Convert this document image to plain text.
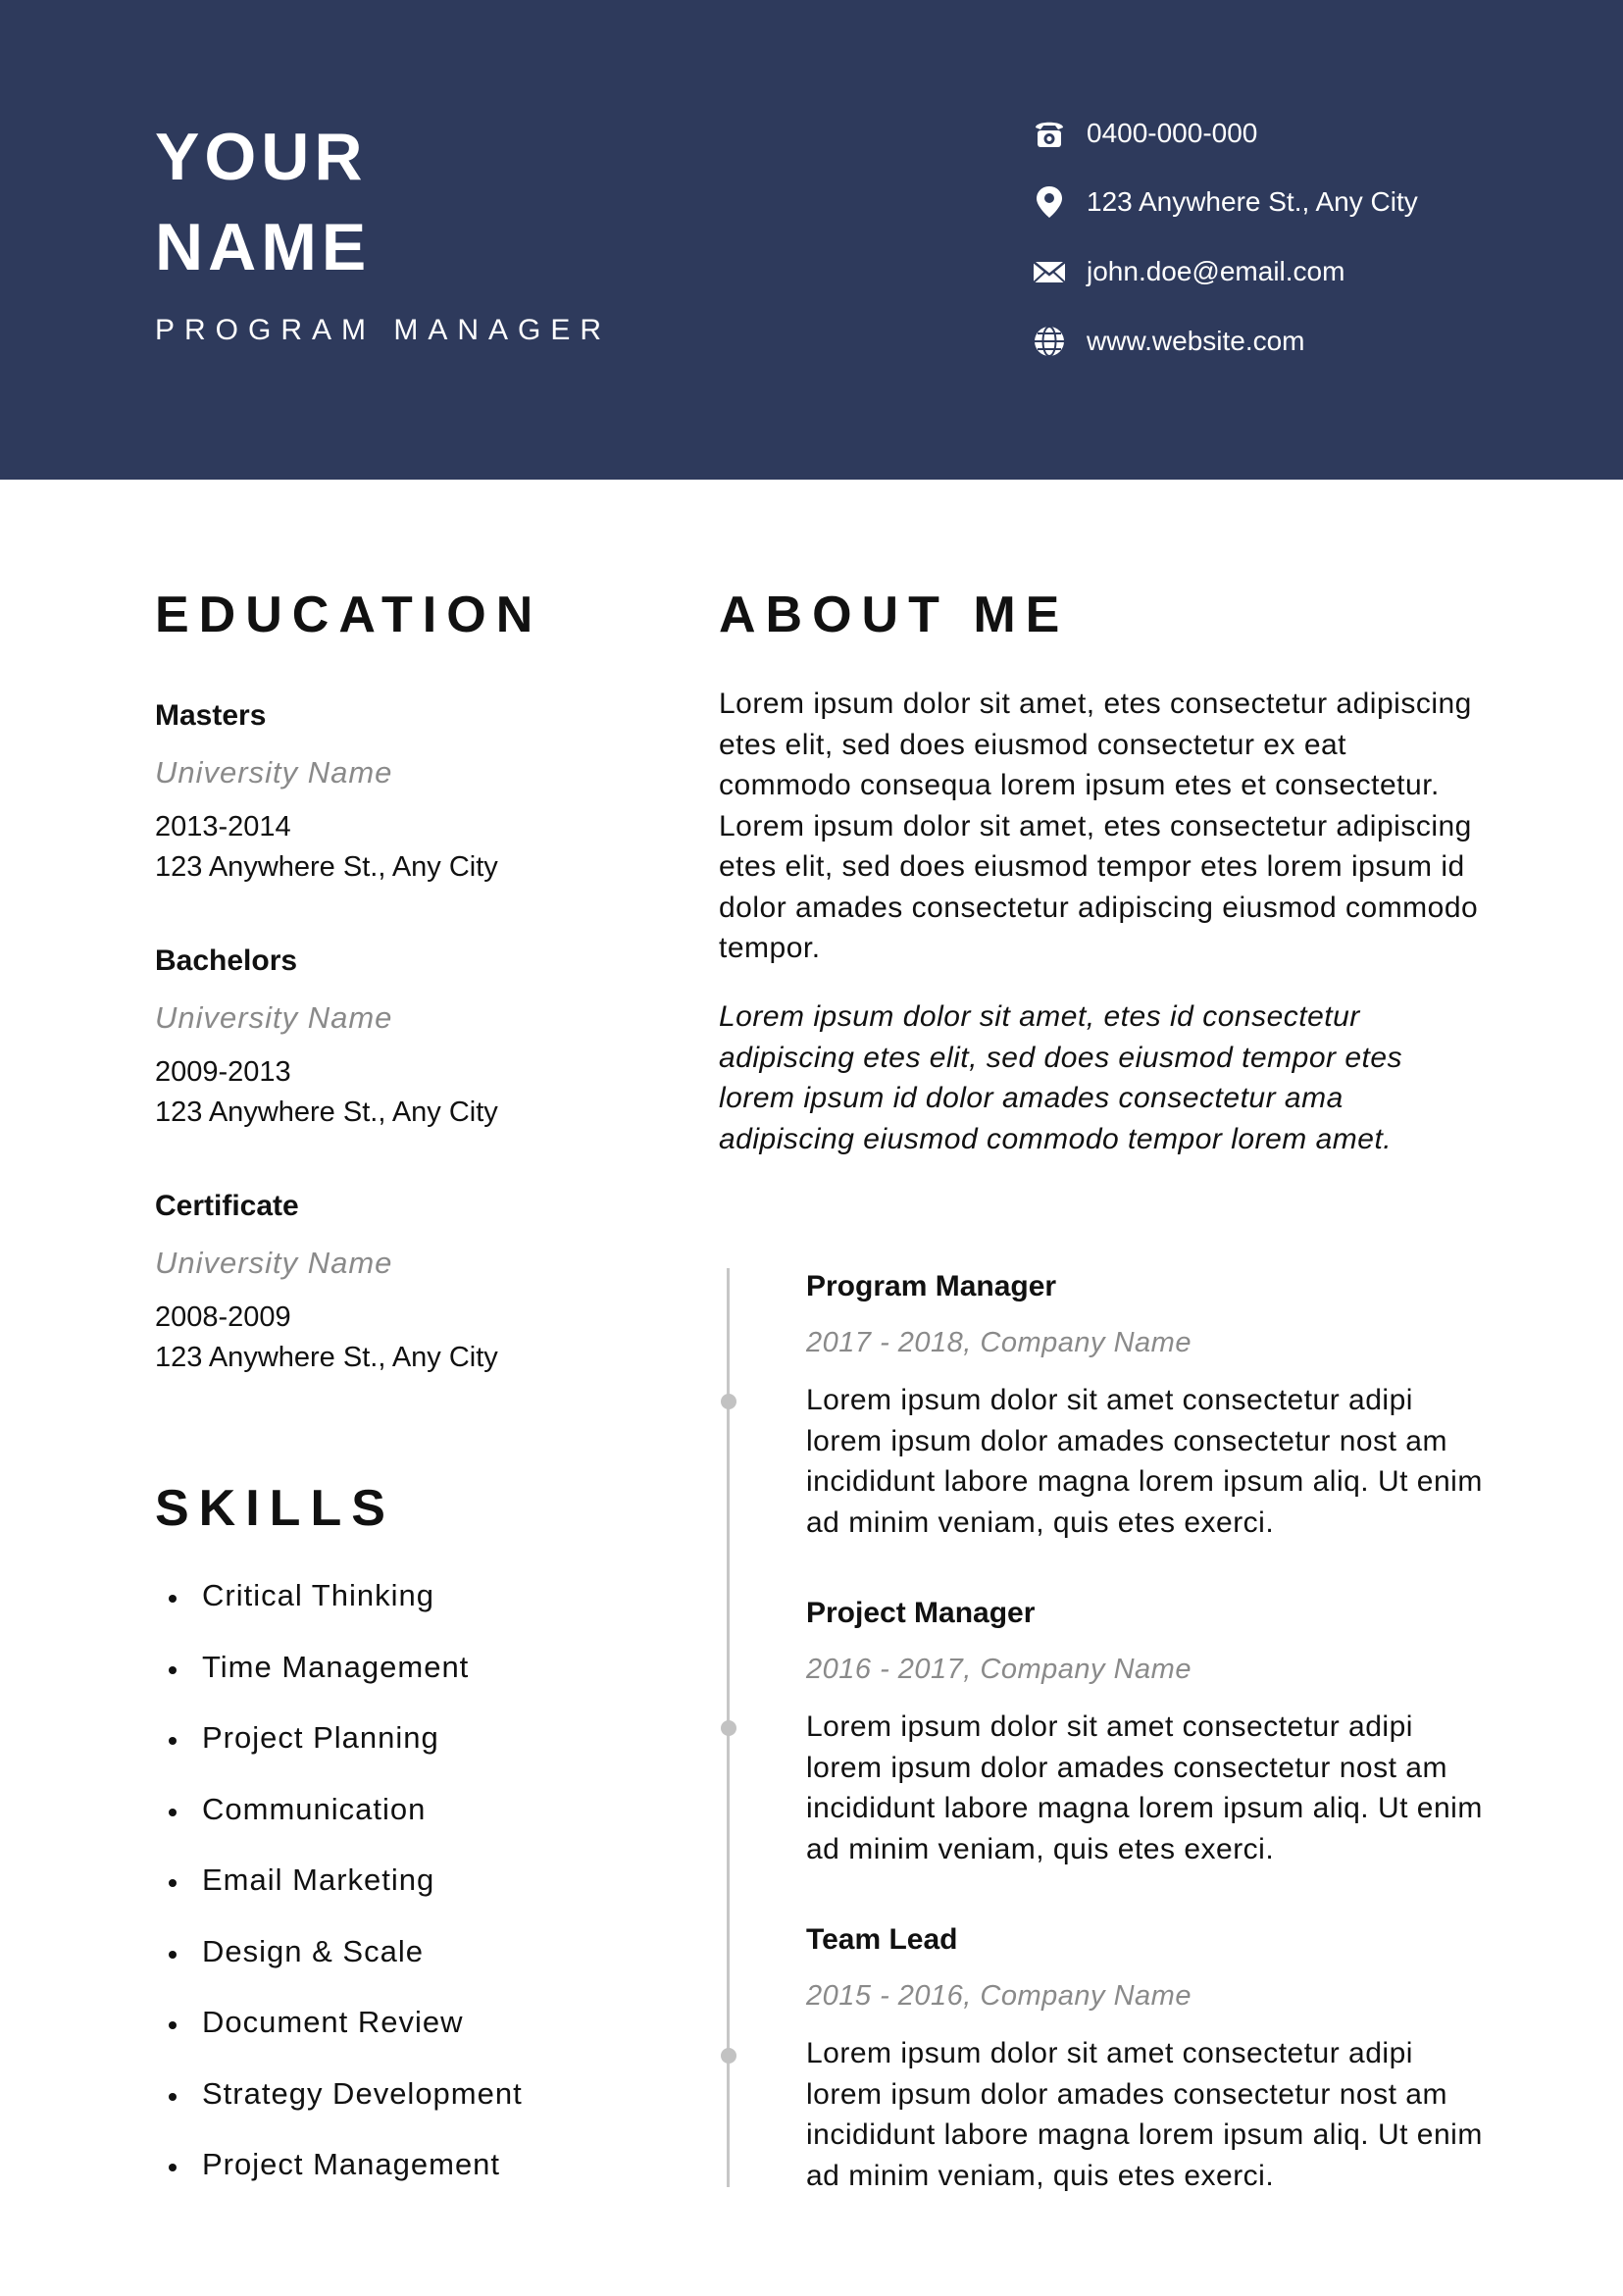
YOUR
NAME
PROGRAM MANAGER
0400-000-000
123 Anywhere St., Any City
john.doe@email.com
www.website.com
EDUCATION
Masters
University Name
2013-2014
123 Anywhere St., Any City
Bachelors
University Name
2009-2013
123 Anywhere St., Any City
Certificate
University Name
2008-2009
123 Anywhere St., Any City
SKILLS
Critical Thinking
Time Management
Project Planning
Communication
Email Marketing
Design & Scale
Document Review
Strategy Development
Project Management
ABOUT ME
Lorem ipsum dolor sit amet, etes consectetur adipiscing etes elit, sed does eiusmod consectetur ex eat commodo consequa lorem ipsum etes et consectetur. Lorem ipsum dolor sit amet, etes consectetur adipiscing etes elit, sed does eiusmod tempor etes lorem ipsum id dolor amades consectetur adipiscing eiusmod commodo tempor.
Lorem ipsum dolor sit amet, etes id consectetur adipiscing etes elit, sed does eiusmod tempor etes lorem ipsum id dolor amades consectetur ama adipiscing eiusmod commodo tempor lorem amet.
Program Manager
2017 - 2018, Company Name
Lorem ipsum dolor sit amet consectetur adipi lorem ipsum dolor amades consectetur nost am incididunt labore magna lorem ipsum aliq. Ut enim ad minim veniam, quis etes exerci.
Project Manager
2016 - 2017, Company Name
Lorem ipsum dolor sit amet consectetur adipi lorem ipsum dolor amades consectetur nost am incididunt labore magna lorem ipsum aliq. Ut enim ad minim veniam, quis etes exerci.
Team Lead
2015 - 2016, Company Name
Lorem ipsum dolor sit amet consectetur adipi lorem ipsum dolor amades consectetur nost am incididunt labore magna lorem ipsum aliq. Ut enim ad minim veniam, quis etes exerci.
